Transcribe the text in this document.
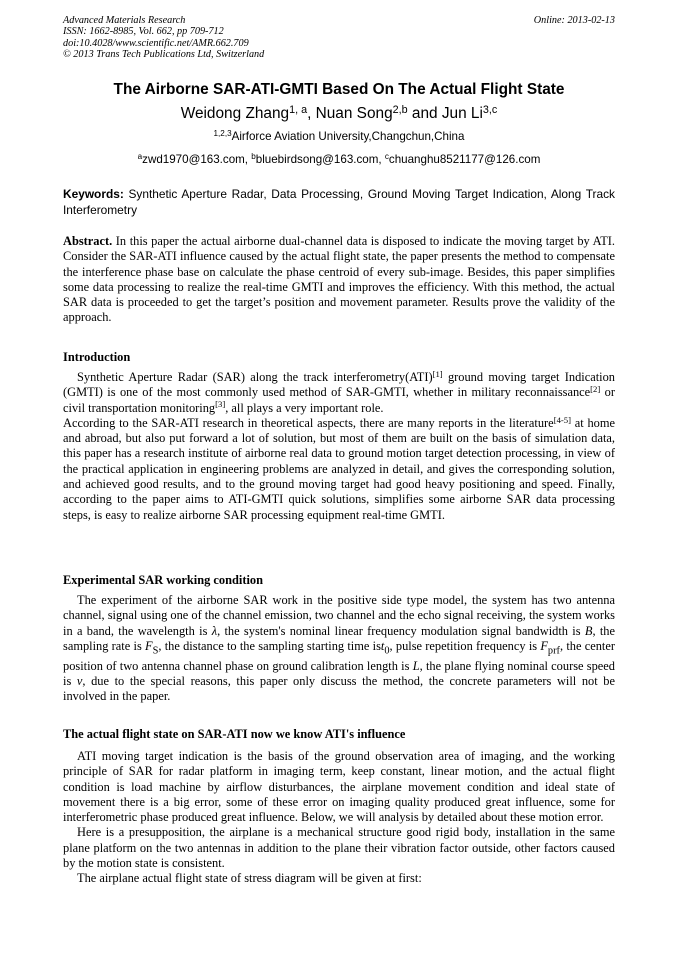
Advanced Materials Research
ISSN: 1662-8985, Vol. 662, pp 709-712
doi:10.4028/www.scientific.net/AMR.662.709
© 2013 Trans Tech Publications Ltd, Switzerland
Online: 2013-02-13
The Airborne SAR-ATI-GMTI Based On The Actual Flight State
Weidong Zhang$^{1, a}$, Nuan Song$^{2,b}$ and Jun Li$^{3,c}$
$^{1,2,3}$Airforce Aviation University,Changchun,China
$^a$zwd1970@163.com, $^b$bluebirdsong@163.com, $^c$chuanghu8521177@126.com
Keywords: Synthetic Aperture Radar, Data Processing, Ground Moving Target Indication, Along Track Interferometry

Abstract. In this paper the actual airborne dual-channel data is disposed to indicate the moving target by ATI. Consider the SAR-ATI influence caused by the actual flight state, the paper presents the method to compensate the interference phase base on calculate the phase centroid of every sub-image. Besides, this paper simplifies some data processing to realize the real-time GMTI and improves the efficiency. With this method, the actual SAR data is proceeded to get the target’s position and movement parameter. Results prove the validity of the approach.

Introduction

Synthetic Aperture Radar (SAR) along the track interferometry(ATI)[1] ground moving target Indication (GMTI) is one of the most commonly used method of SAR-GMTI, whether in military reconnaissance[2] or civil transportation monitoring[3], all plays a very important role.

According to the SAR-ATI research in theoretical aspects, there are many reports in the literature[4-5] at home and abroad, but also put forward a lot of solution, but most of them are built on the basis of simulation data, this paper has a research institute of airborne real data to ground motion target detection processing, in view of the practical application in engineering problems are analyzed in detail, and gives the corresponding solution, and achieved good results, and to the ground moving target had good heavy positioning and speed. Finally, according to the paper aims to ATI-GMTI quick solutions, simplifies some airborne SAR data processing steps, is easy to realize airborne SAR processing equipment real-time GMTI.

Experimental SAR working condition

The experiment of the airborne SAR work in the positive side type model, the system has two antenna channel, signal using one of the channel emission, two channel and the echo signal receiving, the system works in a band, the wavelength is λ, the system's nominal linear frequency modulation signal bandwidth is B, the sampling rate is $F_S$, the distance to the sampling starting time ist$_0$, pulse repetition frequency is $F_{prf}$, the center position of two antenna channel phase on ground calibration length is L, the plane flying nominal course speed is v, due to the special reasons, this paper only discuss the method, the concrete parameters will not be involved in the paper.

The actual flight state on SAR-ATI now we know ATI's influence

ATI moving target indication is the basis of the ground observation area of imaging, and the working principle of SAR for radar platform in imaging term, keep constant, linear motion, and the actual flight condition is load machine by airflow disturbances, the airplane movement condition and ideal state of movement there is a big error, some of these error on imaging quality produced great influence, some for interferometric phase produced great influence. Below, we will analysis by detailed about these motion error.

Here is a presupposition, the airplane is a mechanical structure good rigid body, installation in the same plane platform on the two antennas in addition to the plane their vibration factor outside, other factors caused by the motion state is consistent.

The airplane actual flight state of stress diagram will be given at first:
